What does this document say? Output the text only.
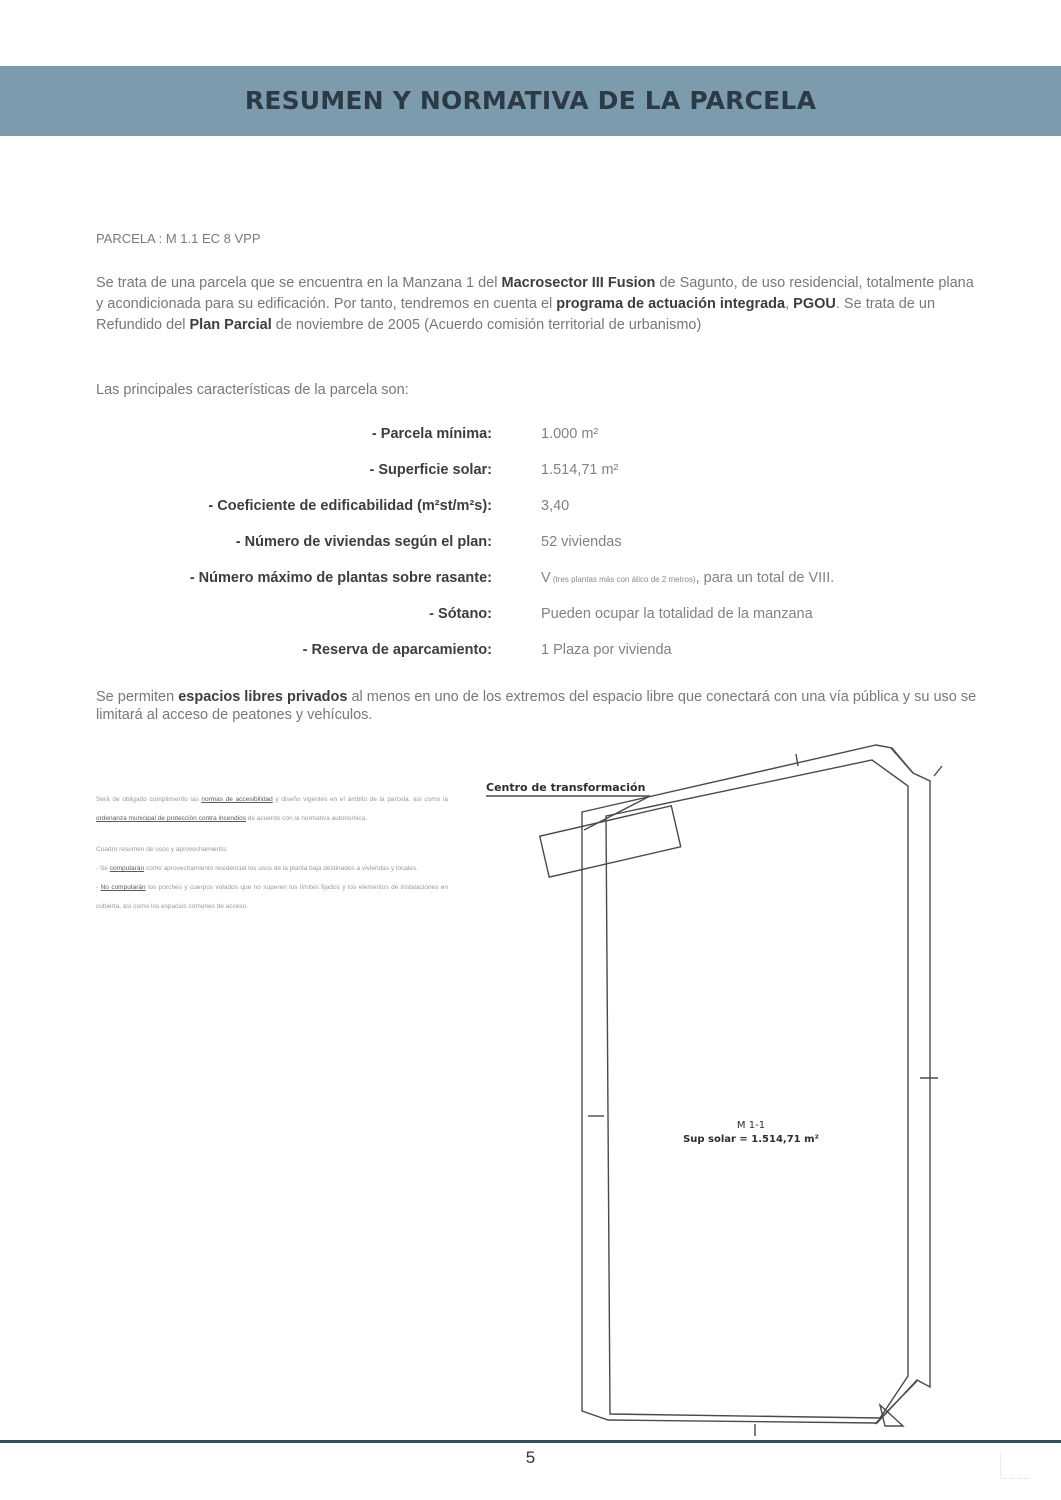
RESUMEN Y NORMATIVA DE LA PARCELA

PARCELA : M 1.1 EC 8 VPP

Se trata de una parcela que se encuentra en la Manzana 1 del Macrosector III Fusion de Sagunto, de uso residencial, totalmente plana y acondicionada para su edificación. Por tanto, tendremos en cuenta el programa de actuación integrada, PGOU. Se trata de un Refundido del Plan Parcial de noviembre de 2005 (Acuerdo comisión territorial de urbanismo)

Las principales características de la parcela son:

- Parcela mínima:	1.000 m²
- Superficie solar:	1.514,71 m²
- Coeficiente de edificabilidad (m²st/m²s):	3,40
- Número de viviendas según el plan:	52 viviendas
- Número máximo de plantas sobre rasante:	V (tres plantas más con ático de 2 metros), para un total de VIII.
- Sótano:	Pueden ocupar la totalidad de la manzana
- Reserva de aparcamiento:	1 Plaza por vivienda

Se permiten espacios libres privados al menos en uno de los extremos del espacio libre que conectará con una vía pública y su uso se limitará al acceso de peatones y vehículos.

Será de obligado cumplimiento las normas de accesibilidad y diseño vigentes en el ámbito de la parcela, así como la ordenanza municipal de protección contra incendios de acuerdo con la normativa autonómica.

Cuadro resumen de usos y aprovechamiento:

- Se computarán como aprovechamiento residencial los usos de la planta baja destinados a viviendas y locales.

- No computarán los porches y cuerpos volados que no superen los límites fijados y los elementos de instalaciones en cubierta, así como los espacios comunes de acceso.

Centro de transformación
M 1-1
Sup solar = 1.514,71 m²

5
